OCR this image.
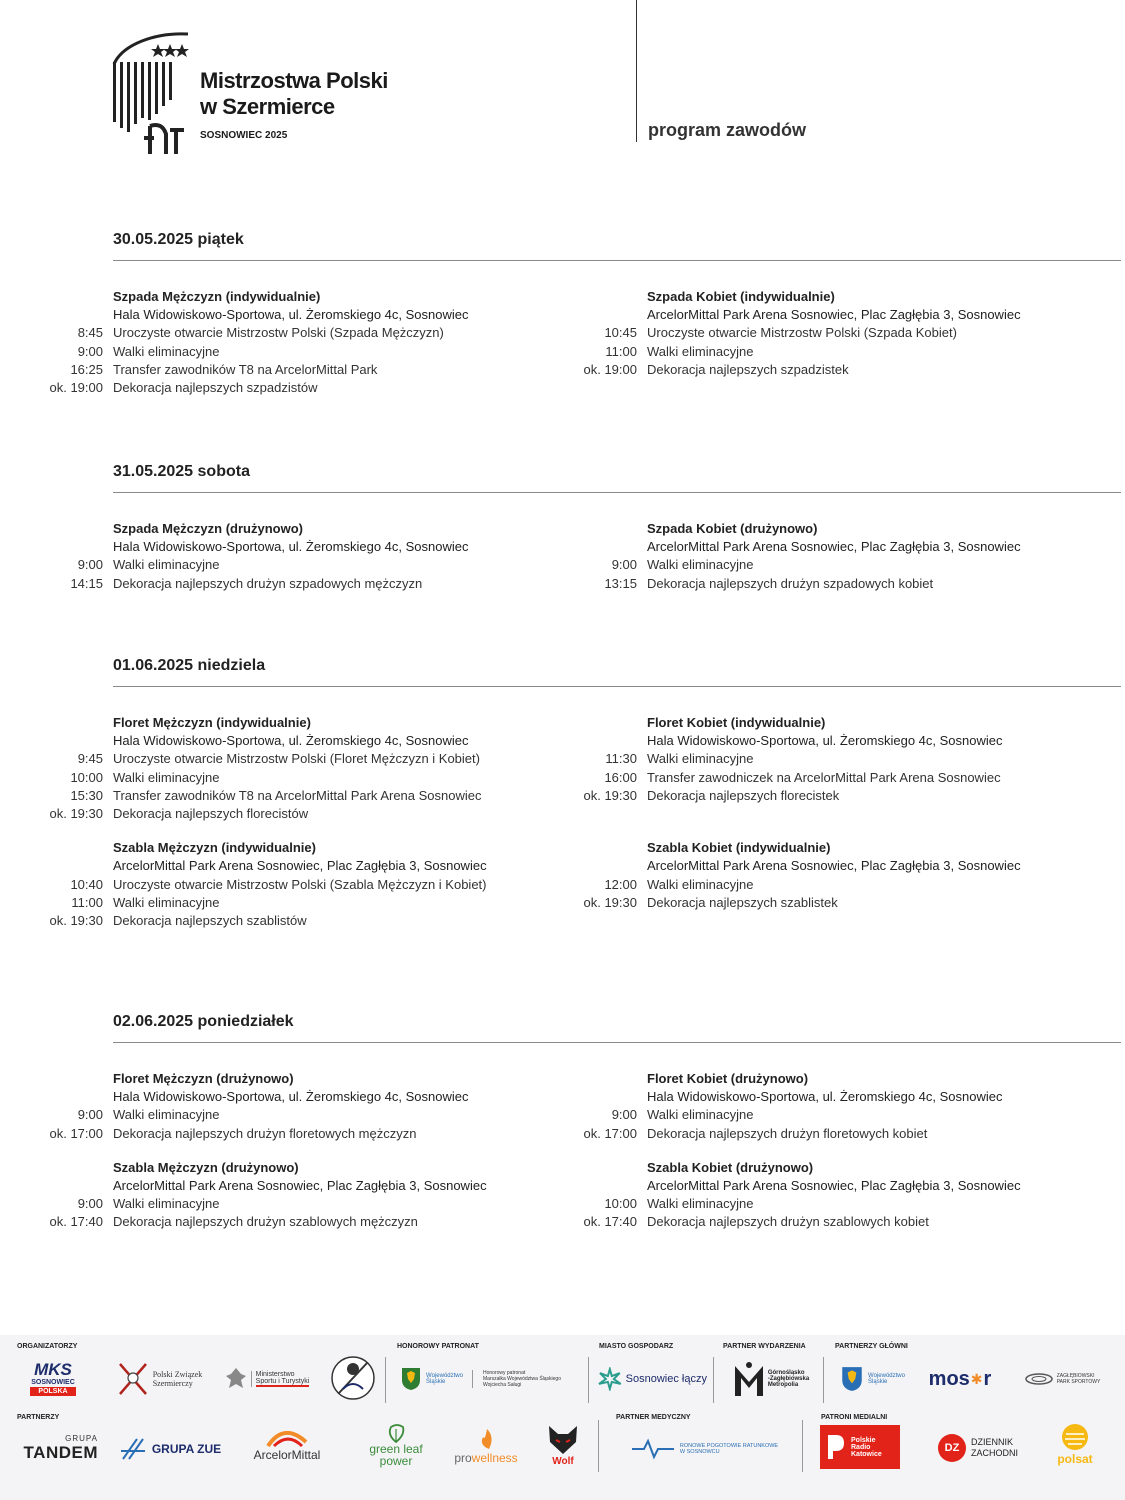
Mistrzostwa Polski
w Szermierce
SOSNOWIEC 2025	program zawodów
30.05.2025 piątek
Szpada Mężczyzn (indywidualnie)
Hala Widowiskowo-Sportowa, ul. Żeromskiego 4c, Sosnowiec
8:45 Uroczyste otwarcie Mistrzostw Polski (Szpada Mężczyzn)
9:00 Walki eliminacyjne
16:25 Transfer zawodników T8 na ArcelorMittal Park
ok. 19:00 Dekoracja najlepszych szpadzistów
Szpada Kobiet (indywidualnie)
ArcelorMittal Park Arena Sosnowiec, Plac Zagłębia 3, Sosnowiec
10:45 Uroczyste otwarcie Mistrzostw Polski (Szpada Kobiet)
11:00 Walki eliminacyjne
ok. 19:00 Dekoracja najlepszych szpadzistek
31.05.2025 sobota
Szpada Mężczyzn (drużynowo)
Hala Widowiskowo-Sportowa, ul. Żeromskiego 4c, Sosnowiec
9:00 Walki eliminacyjne
14:15 Dekoracja najlepszych drużyn szpadowych mężczyzn
Szpada Kobiet (drużynowo)
ArcelorMittal Park Arena Sosnowiec, Plac Zagłębia 3, Sosnowiec
9:00 Walki eliminacyjne
13:15 Dekoracja najlepszych drużyn szpadowych kobiet
01.06.2025 niedziela
Floret Mężczyzn (indywidualnie)
Hala Widowiskowo-Sportowa, ul. Żeromskiego 4c, Sosnowiec
9:45 Uroczyste otwarcie Mistrzostw Polski (Floret Mężczyzn i Kobiet)
10:00 Walki eliminacyjne
15:30 Transfer zawodników T8 na ArcelorMittal Park Arena Sosnowiec
ok. 19:30 Dekoracja najlepszych florecistów
Floret Kobiet (indywidualnie)
Hala Widowiskowo-Sportowa, ul. Żeromskiego 4c, Sosnowiec
11:30 Walki eliminacyjne
16:00 Transfer zawodniczek na ArcelorMittal Park Arena Sosnowiec
ok. 19:30 Dekoracja najlepszych florecistek
Szabla Mężczyzn (indywidualnie)
ArcelorMittal Park Arena Sosnowiec, Plac Zagłębia 3, Sosnowiec
10:40 Uroczyste otwarcie Mistrzostw Polski (Szabla Mężczyzn i Kobiet)
11:00 Walki eliminacyjne
ok. 19:30 Dekoracja najlepszych szablistów
Szabla Kobiet (indywidualnie)
ArcelorMittal Park Arena Sosnowiec, Plac Zagłębia 3, Sosnowiec
12:00 Walki eliminacyjne
ok. 19:30 Dekoracja najlepszych szablistek
02.06.2025 poniedziałek
Floret Mężczyzn (drużynowo)
Hala Widowiskowo-Sportowa, ul. Żeromskiego 4c, Sosnowiec
9:00 Walki eliminacyjne
ok. 17:00 Dekoracja najlepszych drużyn floretowych mężczyzn
Floret Kobiet (drużynowo)
Hala Widowiskowo-Sportowa, ul. Żeromskiego 4c, Sosnowiec
9:00 Walki eliminacyjne
ok. 17:00 Dekoracja najlepszych drużyn floretowych kobiet
Szabla Mężczyzn (drużynowo)
ArcelorMittal Park Arena Sosnowiec, Plac Zagłębia 3, Sosnowiec
9:00 Walki eliminacyjne
ok. 17:40 Dekoracja najlepszych drużyn szablowych mężczyzn
Szabla Kobiet (drużynowo)
ArcelorMittal Park Arena Sosnowiec, Plac Zagłębia 3, Sosnowiec
10:00 Walki eliminacyjne
ok. 17:40 Dekoracja najlepszych drużyn szablowych kobiet
ORGANIZATORZY	HONOROWY PATRONAT	MIASTO GOSPODARZ	PARTNER WYDARZENIA	PARTNERZY GŁÓWNI
PARTNERZY	PARTNER MEDYCZNY	PATRONI MEDIALNI
MKS
SOSNOWIEC
POLSKA
Polski Związek
Szermierczy
Ministerstwo
Sportu i Turystyki
Województwo
Śląskie
Honorowy patronat
Marszałka Województwa Śląskiego
Wojciecha Saługi	Sosnowiec łączy	Górnośląsko
-Zagłębiowska
Metropolia
Województwo
Śląskie	mos ✱ r	ZAGŁĘBIOWSKI
PARK SPORTOWY
GRUPA
TANDEM	GRUPA ZUE	ArcelorMittal	green leaf
power	prowellness	Wolf
RONOWE POGOTOWIE RATUNKOWE
W SOSNOWCU
Polskie
Radio
Katowice	DZ	DZIENNIK
ZACHODNI	polsat
